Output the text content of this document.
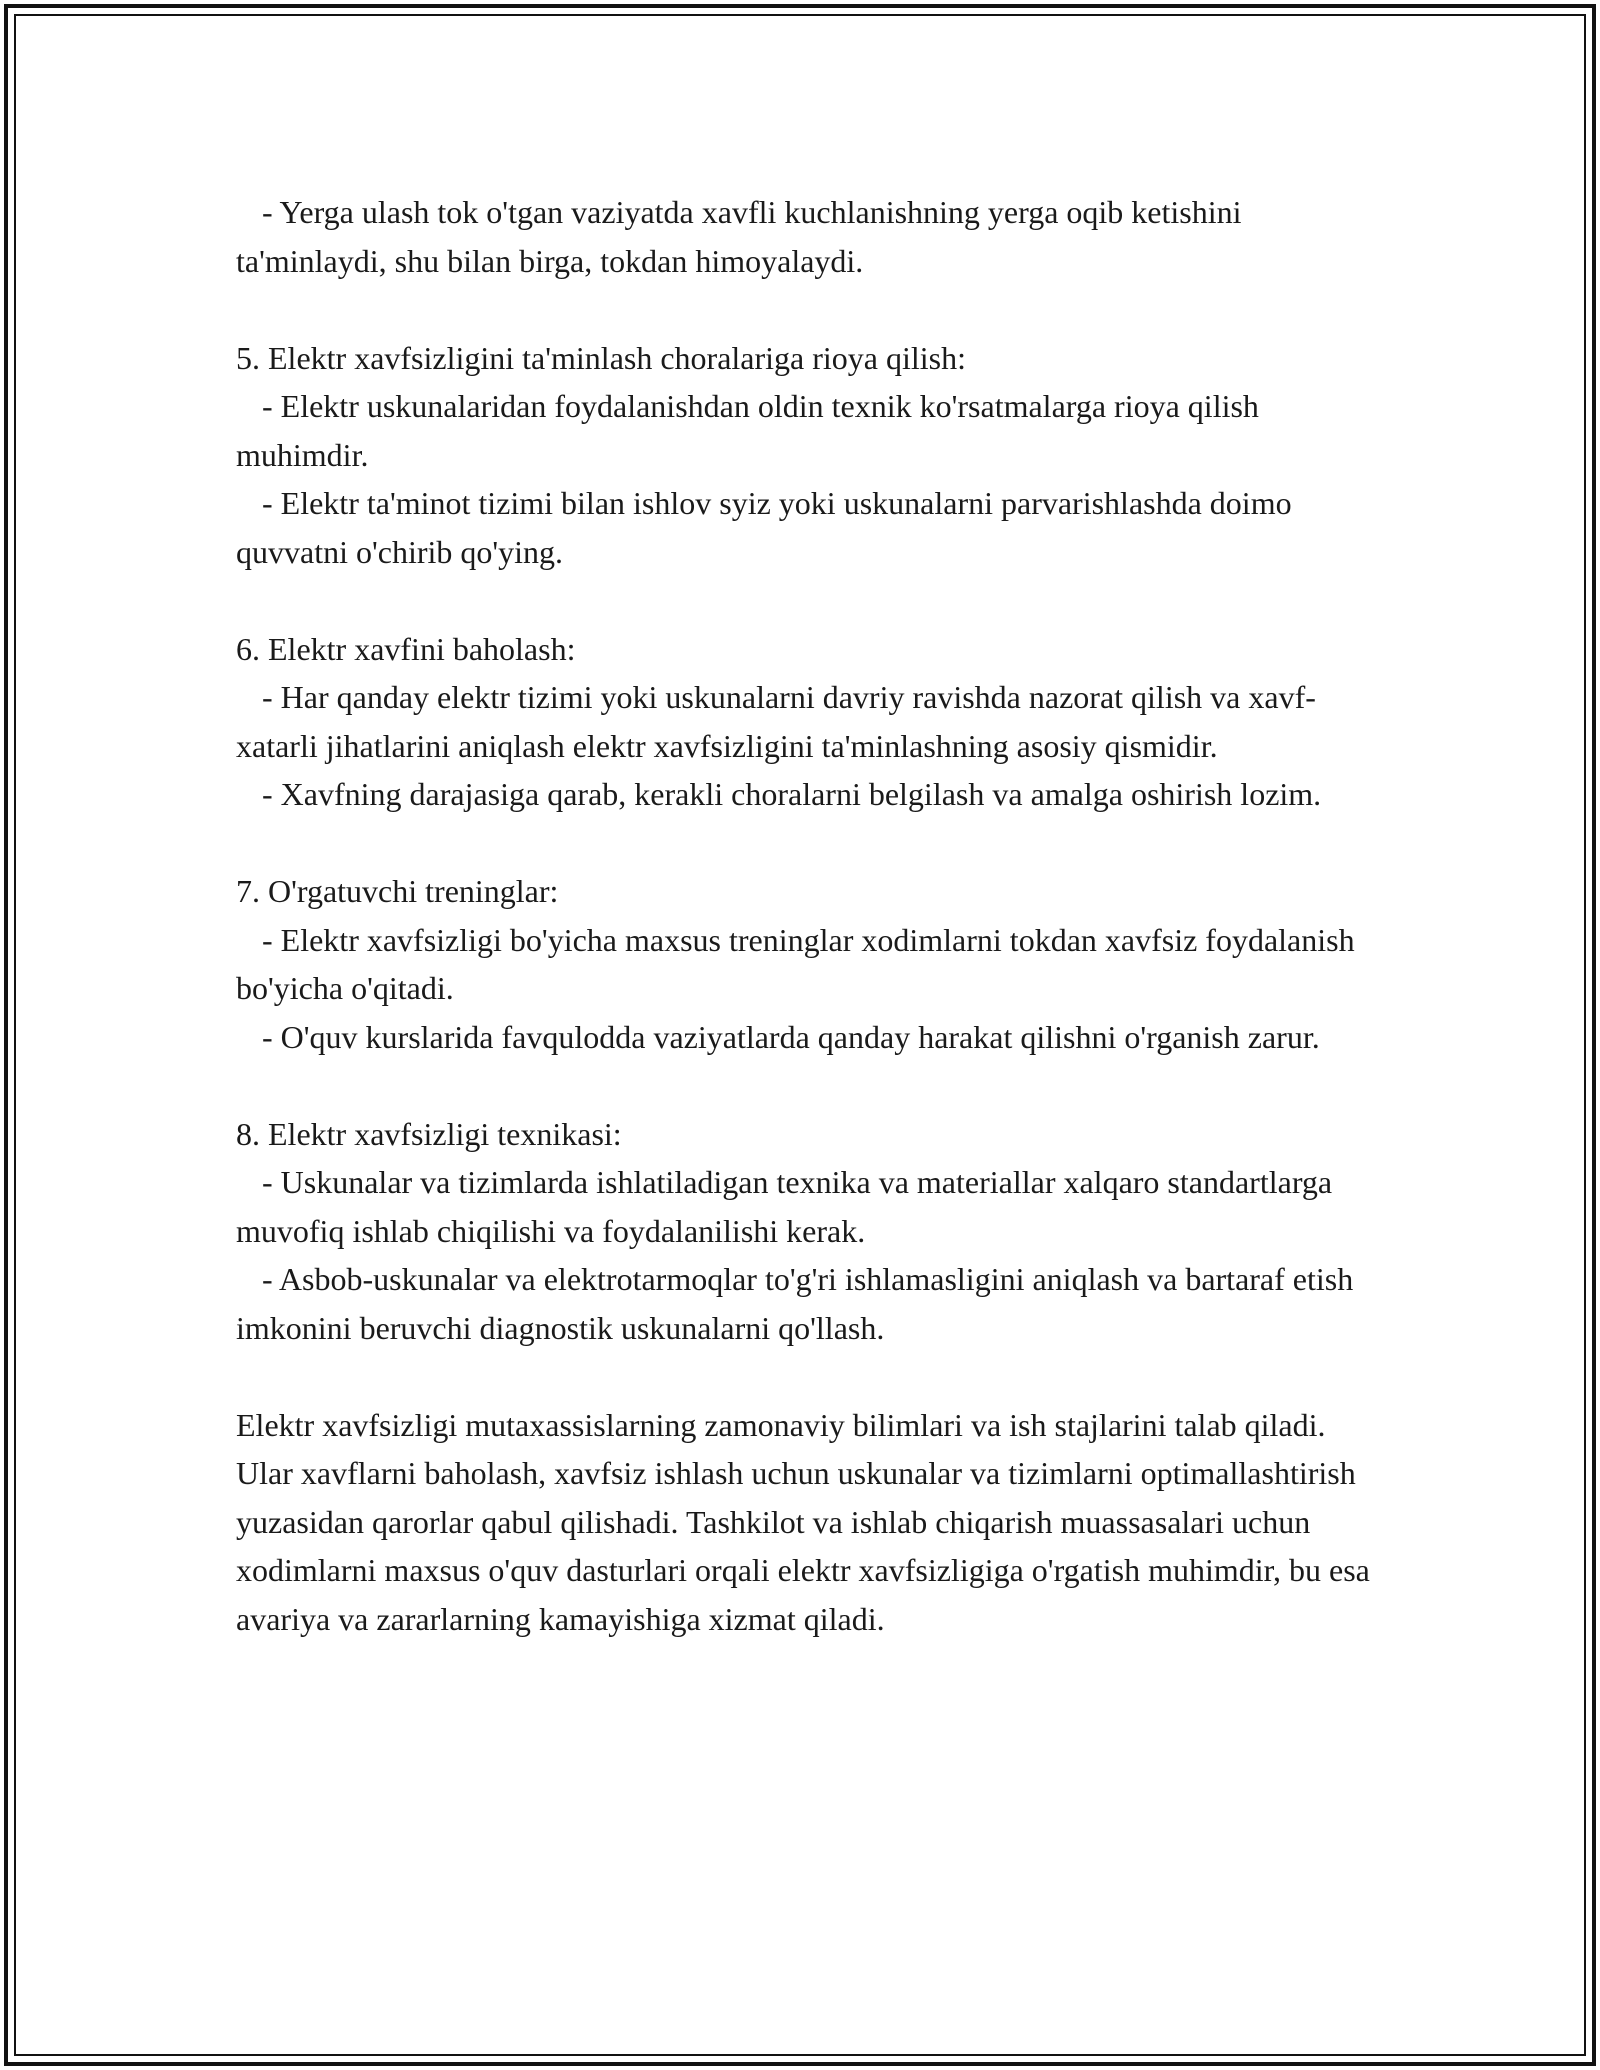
- Yerga ulash tok o'tgan vaziyatda xavfli kuchlanishning yerga oqib ketishini ta'minlaydi, shu bilan birga, tokdan himoyalaydi.
5. Elektr xavfsizligini ta'minlash choralariga rioya qilish:
- Elektr uskunalaridan foydalanishdan oldin texnik ko'rsatmalarga rioya qilish muhimdir.
- Elektr ta'minot tizimi bilan ishlov syiz yoki uskunalarni parvarishlashda doimo quvvatni o'chirib qo'ying.
6. Elektr xavfini baholash:
- Har qanday elektr tizimi yoki uskunalarni davriy ravishda nazorat qilish va xavf-xatarli jihatlarini aniqlash elektr xavfsizligini ta'minlashning asosiy qismidir.
- Xavfning darajasiga qarab, kerakli choralarni belgilash va amalga oshirish lozim.
7. O'rgatuvchi treninglar:
- Elektr xavfsizligi bo'yicha maxsus treninglar xodimlarni tokdan xavfsiz foydalanish bo'yicha o'qitadi.
- O'quv kurslarida favqulodda vaziyatlarda qanday harakat qilishni o'rganish zarur.
8. Elektr xavfsizligi texnikasi:
- Uskunalar va tizimlarda ishlatiladigan texnika va materiallar xalqaro standartlarga muvofiq ishlab chiqilishi va foydalanilishi kerak.
- Asbob-uskunalar va elektrotarmoqlar to'g'ri ishlamasligini aniqlash va bartaraf etish imkonini beruvchi diagnostik uskunalarni qo'llash.
Elektr xavfsizligi mutaxassislarning zamonaviy bilimlari va ish stajlarini talab qiladi. Ular xavflarni baholash, xavfsiz ishlash uchun uskunalar va tizimlarni optimallashtirish yuzasidan qarorlar qabul qilishadi. Tashkilot va ishlab chiqarish muassasalari uchun xodimlarni maxsus o'quv dasturlari orqali elektr xavfsizligiga o'rgatish muhimdir, bu esa avariya va zararlarning kamayishiga xizmat qiladi.
